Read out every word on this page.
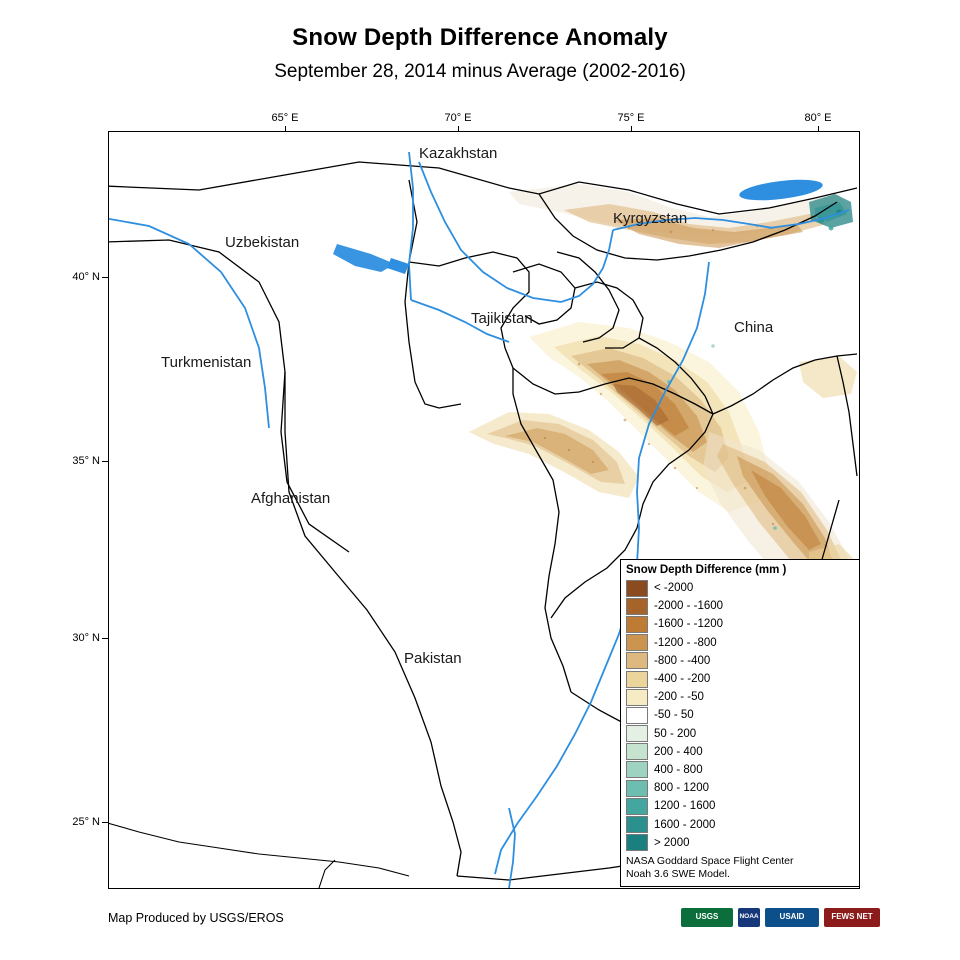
Snow Depth Difference Anomaly
September 28, 2014 minus Average (2002-2016)
65° E	70° E	75° E	80° E
40° N
35° N
30° N
25° N
Kazakhstan
Uzbekistan
Kyrgyzstan
Tajikistan
Turkmenistan
China
Afghanistan
Pakistan
Snow Depth Difference (mm )
< -2000
-2000 - -1600
-1600 - -1200
-1200 - -800
-800 - -400
-400 - -200
-200 - -50
-50 - 50
50 - 200
200 - 400
400 - 800
800 - 1200
1200 - 1600
1600 - 2000
> 2000
NASA Goddard Space Flight Center
Noah 3.6 SWE Model.
Map Produced by USGS/EROS	USGS	NOAA	USAID	FEWS NET
